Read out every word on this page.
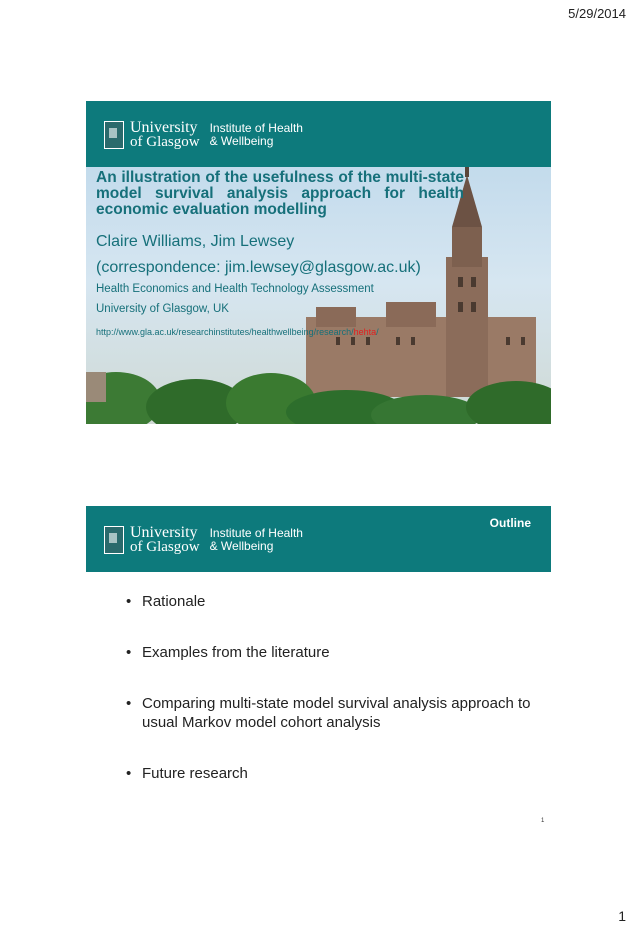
5/29/2014
University
of Glasgow
Institute of Health
& Wellbeing
An illustration of the usefulness of the multi-state model survival analysis approach for health economic evaluation modelling
Claire Williams, Jim Lewsey
(correspondence: jim.lewsey@glasgow.ac.uk)
Health Economics and Health Technology Assessment
University of Glasgow, UK
http://www.gla.ac.uk/researchinstitutes/healthwellbeing/research/hehta/
University
of Glasgow
Institute of Health
& Wellbeing
Outline
• Rationale
• Examples from the literature
• Comparing multi-state model survival analysis approach to usual Markov model cohort analysis
• Future research
1
1
